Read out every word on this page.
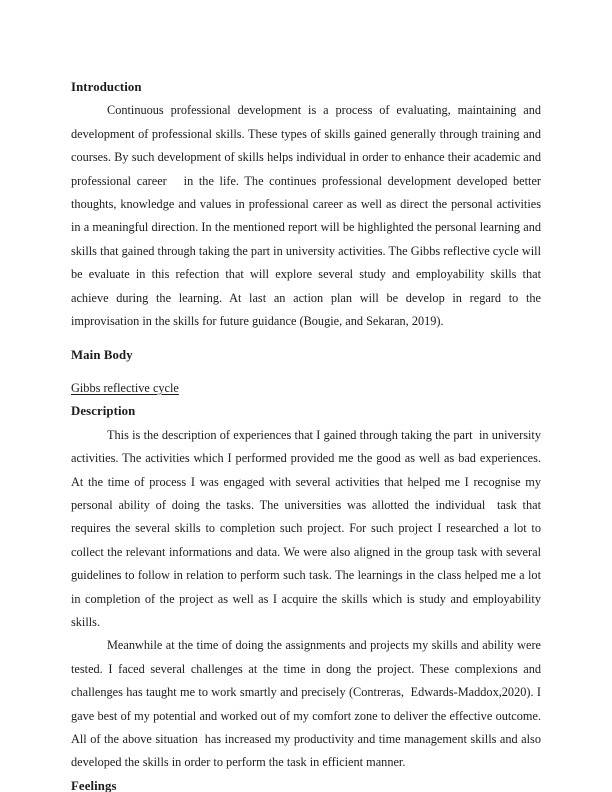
Introduction

Continuous professional development is a process of evaluating, maintaining and development of professional skills. These types of skills gained generally through training and courses. By such development of skills helps individual in order to enhance their academic and professional career   in the life. The continues professional development developed better thoughts, knowledge and values in professional career as well as direct the personal activities in a meaningful direction. In the mentioned report will be highlighted the personal learning and skills that gained through taking the part in university activities. The Gibbs reflective cycle will be evaluate in this refection that will explore several study and employability skills that achieve during the learning. At last an action plan will be develop in regard to the improvisation in the skills for future guidance (Bougie, and Sekaran, 2019).

Main Body
Gibbs reflective cycle
Description

This is the description of experiences that I gained through taking the part  in university activities. The activities which I performed provided me the good as well as bad experiences. At the time of process I was engaged with several activities that helped me I recognise my personal ability of doing the tasks. The universities was allotted the individual  task that requires the several skills to completion such project. For such project I researched a lot to   collect the relevant informations and data. We were also aligned in the group task with several guidelines to follow in relation to perform such task. The learnings in the class helped me a lot  in completion of the project as well as I acquire the skills which is study and employability skills.

Meanwhile at the time of doing the assignments and projects my skills and ability were tested. I faced several challenges at the time in dong the project. These complexions and challenges has taught me to work smartly and precisely (Contreras,  Edwards-Maddox,2020). I gave best of my potential and worked out of my comfort zone to deliver the effective outcome. All of the above situation  has increased my productivity and time management skills and also developed the skills in order to perform the task in efficient manner.

Feelings
